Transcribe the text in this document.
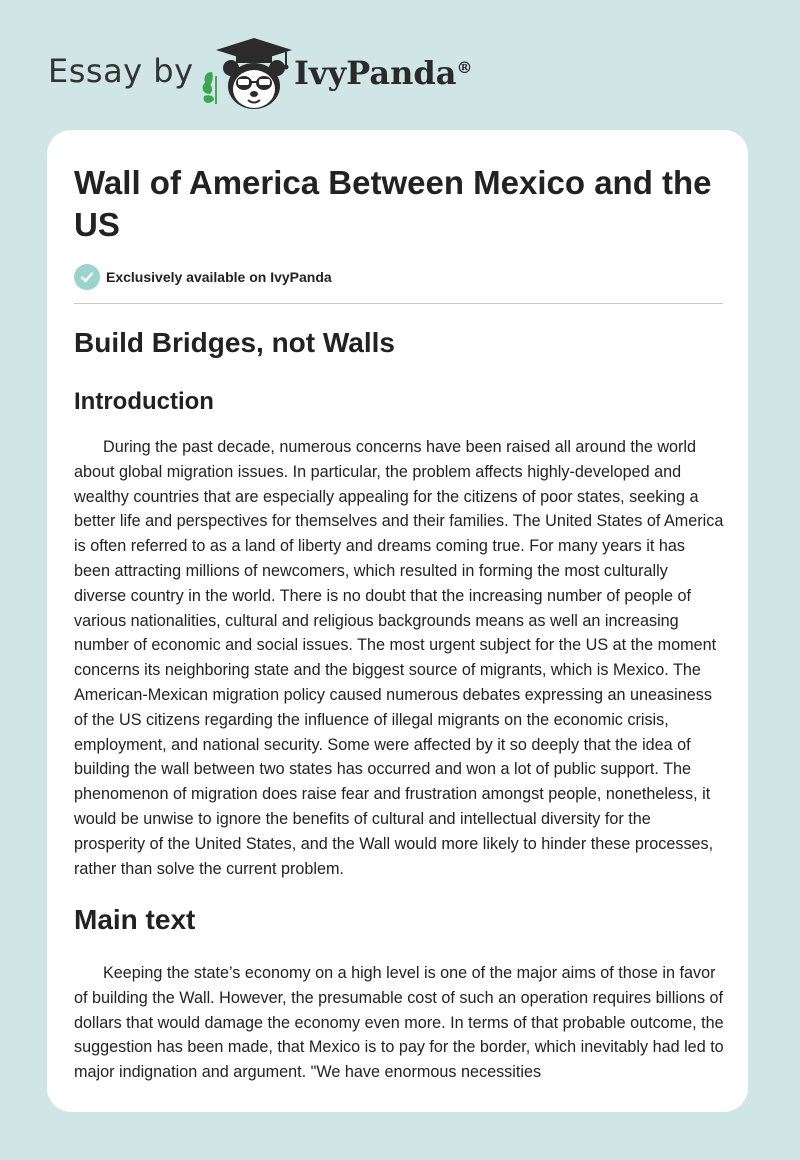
Essay by	IvyPanda®
Wall of America Between Mexico and the US
Exclusively available on IvyPanda
Build Bridges, not Walls
Introduction

During the past decade, numerous concerns have been raised all around the world about global migration issues. In particular, the problem affects highly-developed and wealthy countries that are especially appealing for the citizens of poor states, seeking a better life and perspectives for themselves and their families. The United States of America is often referred to as a land of liberty and dreams coming true. For many years it has been attracting millions of newcomers, which resulted in forming the most culturally diverse country in the world. There is no doubt that the increasing number of people of various nationalities, cultural and religious backgrounds means as well an increasing number of economic and social issues. The most urgent subject for the US at the moment concerns its neighboring state and the biggest source of migrants, which is Mexico. The American-Mexican migration policy caused numerous debates expressing an uneasiness of the US citizens regarding the influence of illegal migrants on the economic crisis, employment, and national security. Some were affected by it so deeply that the idea of building the wall between two states has occurred and won a lot of public support. The phenomenon of migration does raise fear and frustration amongst people, nonetheless, it would be unwise to ignore the benefits of cultural and intellectual diversity for the prosperity of the United States, and the Wall would more likely to hinder these processes, rather than solve the current problem.

Main text

Keeping the state’s economy on a high level is one of the major aims of those in favor of building the Wall. However, the presumable cost of such an operation requires billions of dollars that would damage the economy even more. In terms of that probable outcome, the suggestion has been made, that Mexico is to pay for the border, which inevitably had led to major indignation and argument. "We have enormous necessities
